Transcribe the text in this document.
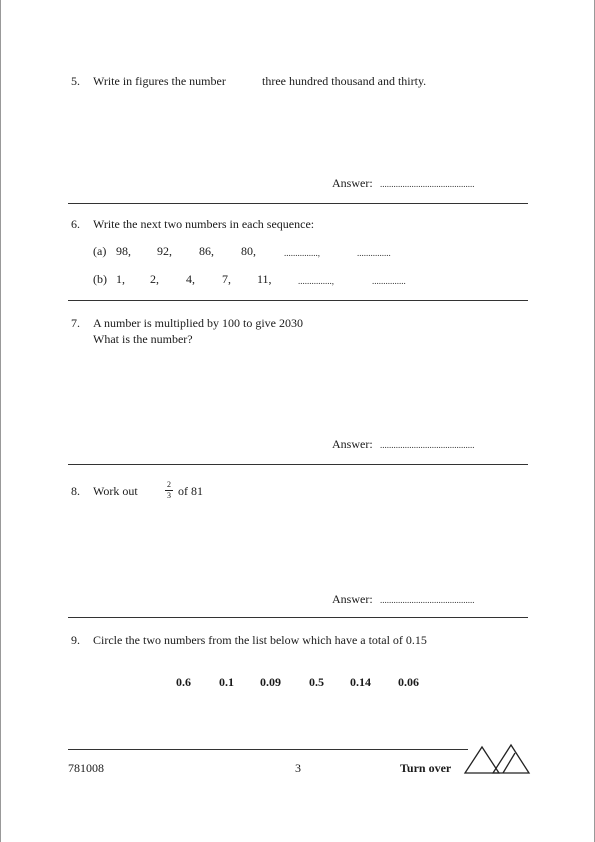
5. Write in figures the number	three hundred thousand and thirty.
Answer: ..........................................
6. Write the next two numbers in each sequence:
(a) 98, 92, 86, 80,	...............,	...............
(b) 1, 2, 4, 7, 11,	...............,	...............
7. A number is multiplied by 100 to give 2030
What is the number?
Answer: ..........................................
8. Work out	2
3 of 81
Answer: ..........................................
9. Circle the two numbers from the list below which have a total of 0.15
0.6 0.1 0.09 0.5 0.14 0.06
781008	3	Turn over
